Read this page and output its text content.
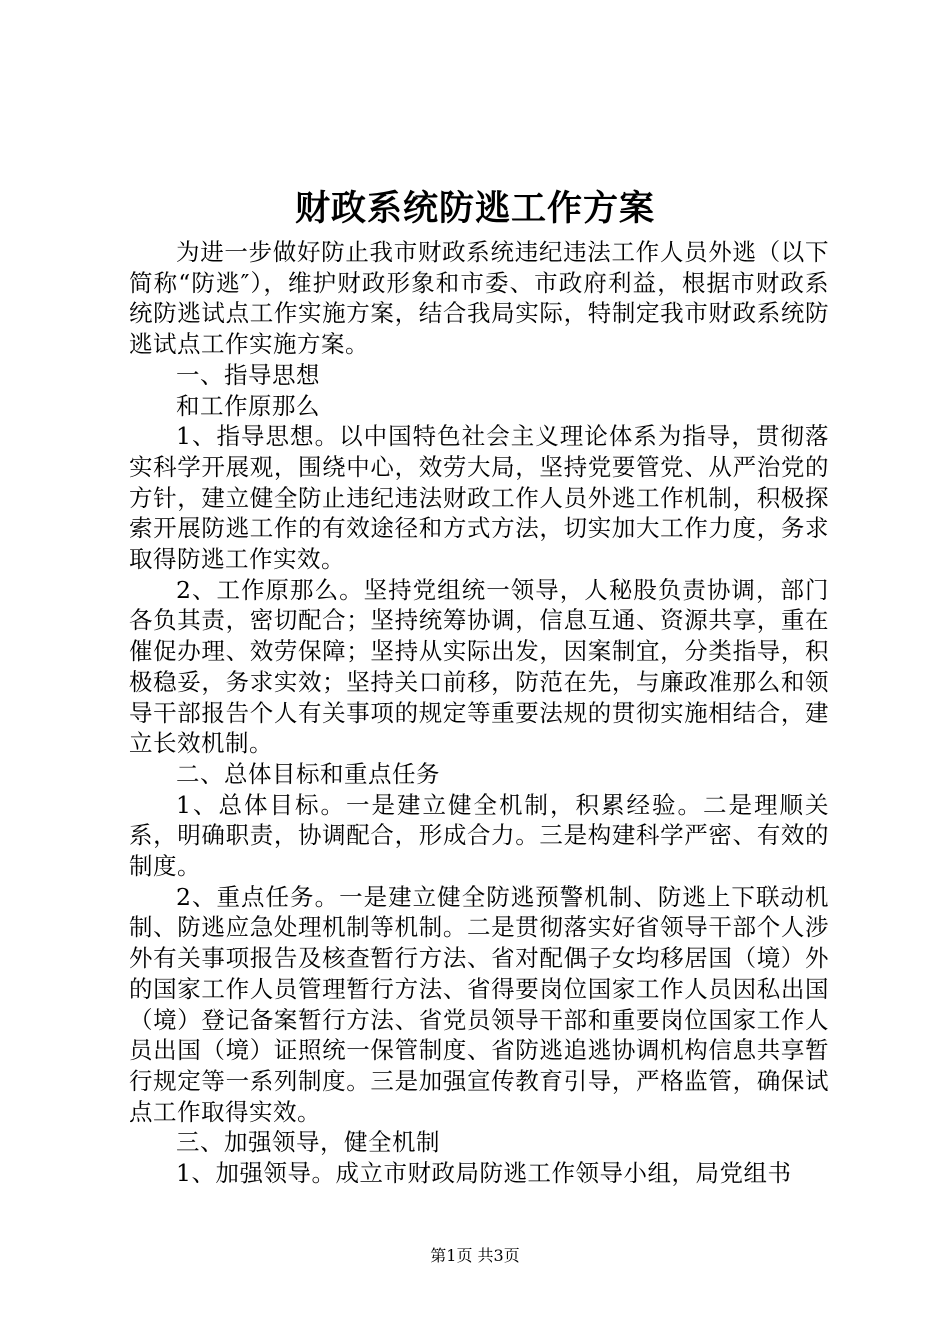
财政系统防逃工作方案

为进一步做好防止我市财政系统违纪违法工作人员外逃（以下简称“防逃″），维护财政形象和市委、市政府利益，根据市财政系统防逃试点工作实施方案，结合我局实际，特制定我市财政系统防逃试点工作实施方案。

一、指导思想

和工作原那么

1、指导思想。以中国特色社会主义理论体系为指导，贯彻落实科学开展观，围绕中心，效劳大局，坚持党要管党、从严治党的方针，建立健全防止违纪违法财政工作人员外逃工作机制，积极探索开展防逃工作的有效途径和方式方法，切实加大工作力度，务求取得防逃工作实效。

2、工作原那么。坚持党组统一领导，人秘股负责协调，部门各负其责，密切配合；坚持统筹协调，信息互通、资源共享，重在催促办理、效劳保障；坚持从实际出发，因案制宜，分类指导，积极稳妥，务求实效；坚持关口前移，防范在先，与廉政准那么和领导干部报告个人有关事项的规定等重要法规的贯彻实施相结合，建立长效机制。

二、总体目标和重点任务

1、总体目标。一是建立健全机制，积累经验。二是理顺关系，明确职责，协调配合，形成合力。三是构建科学严密、有效的制度。

2、重点任务。一是建立健全防逃预警机制、防逃上下联动机制、防逃应急处理机制等机制。二是贯彻落实好省领导干部个人涉外有关事项报告及核查暂行方法、省对配偶子女均移居国（境）外的国家工作人员管理暂行方法、省得要岗位国家工作人员因私出国（境）登记备案暂行方法、省党员领导干部和重要岗位国家工作人员出国（境）证照统一保管制度、省防逃追逃协调机构信息共享暂行规定等一系列制度。三是加强宣传教育引导，严格监管，确保试点工作取得实效。

三、加强领导，健全机制

1、加强领导。成立市财政局防逃工作领导小组，局党组书

第1页 共3页
